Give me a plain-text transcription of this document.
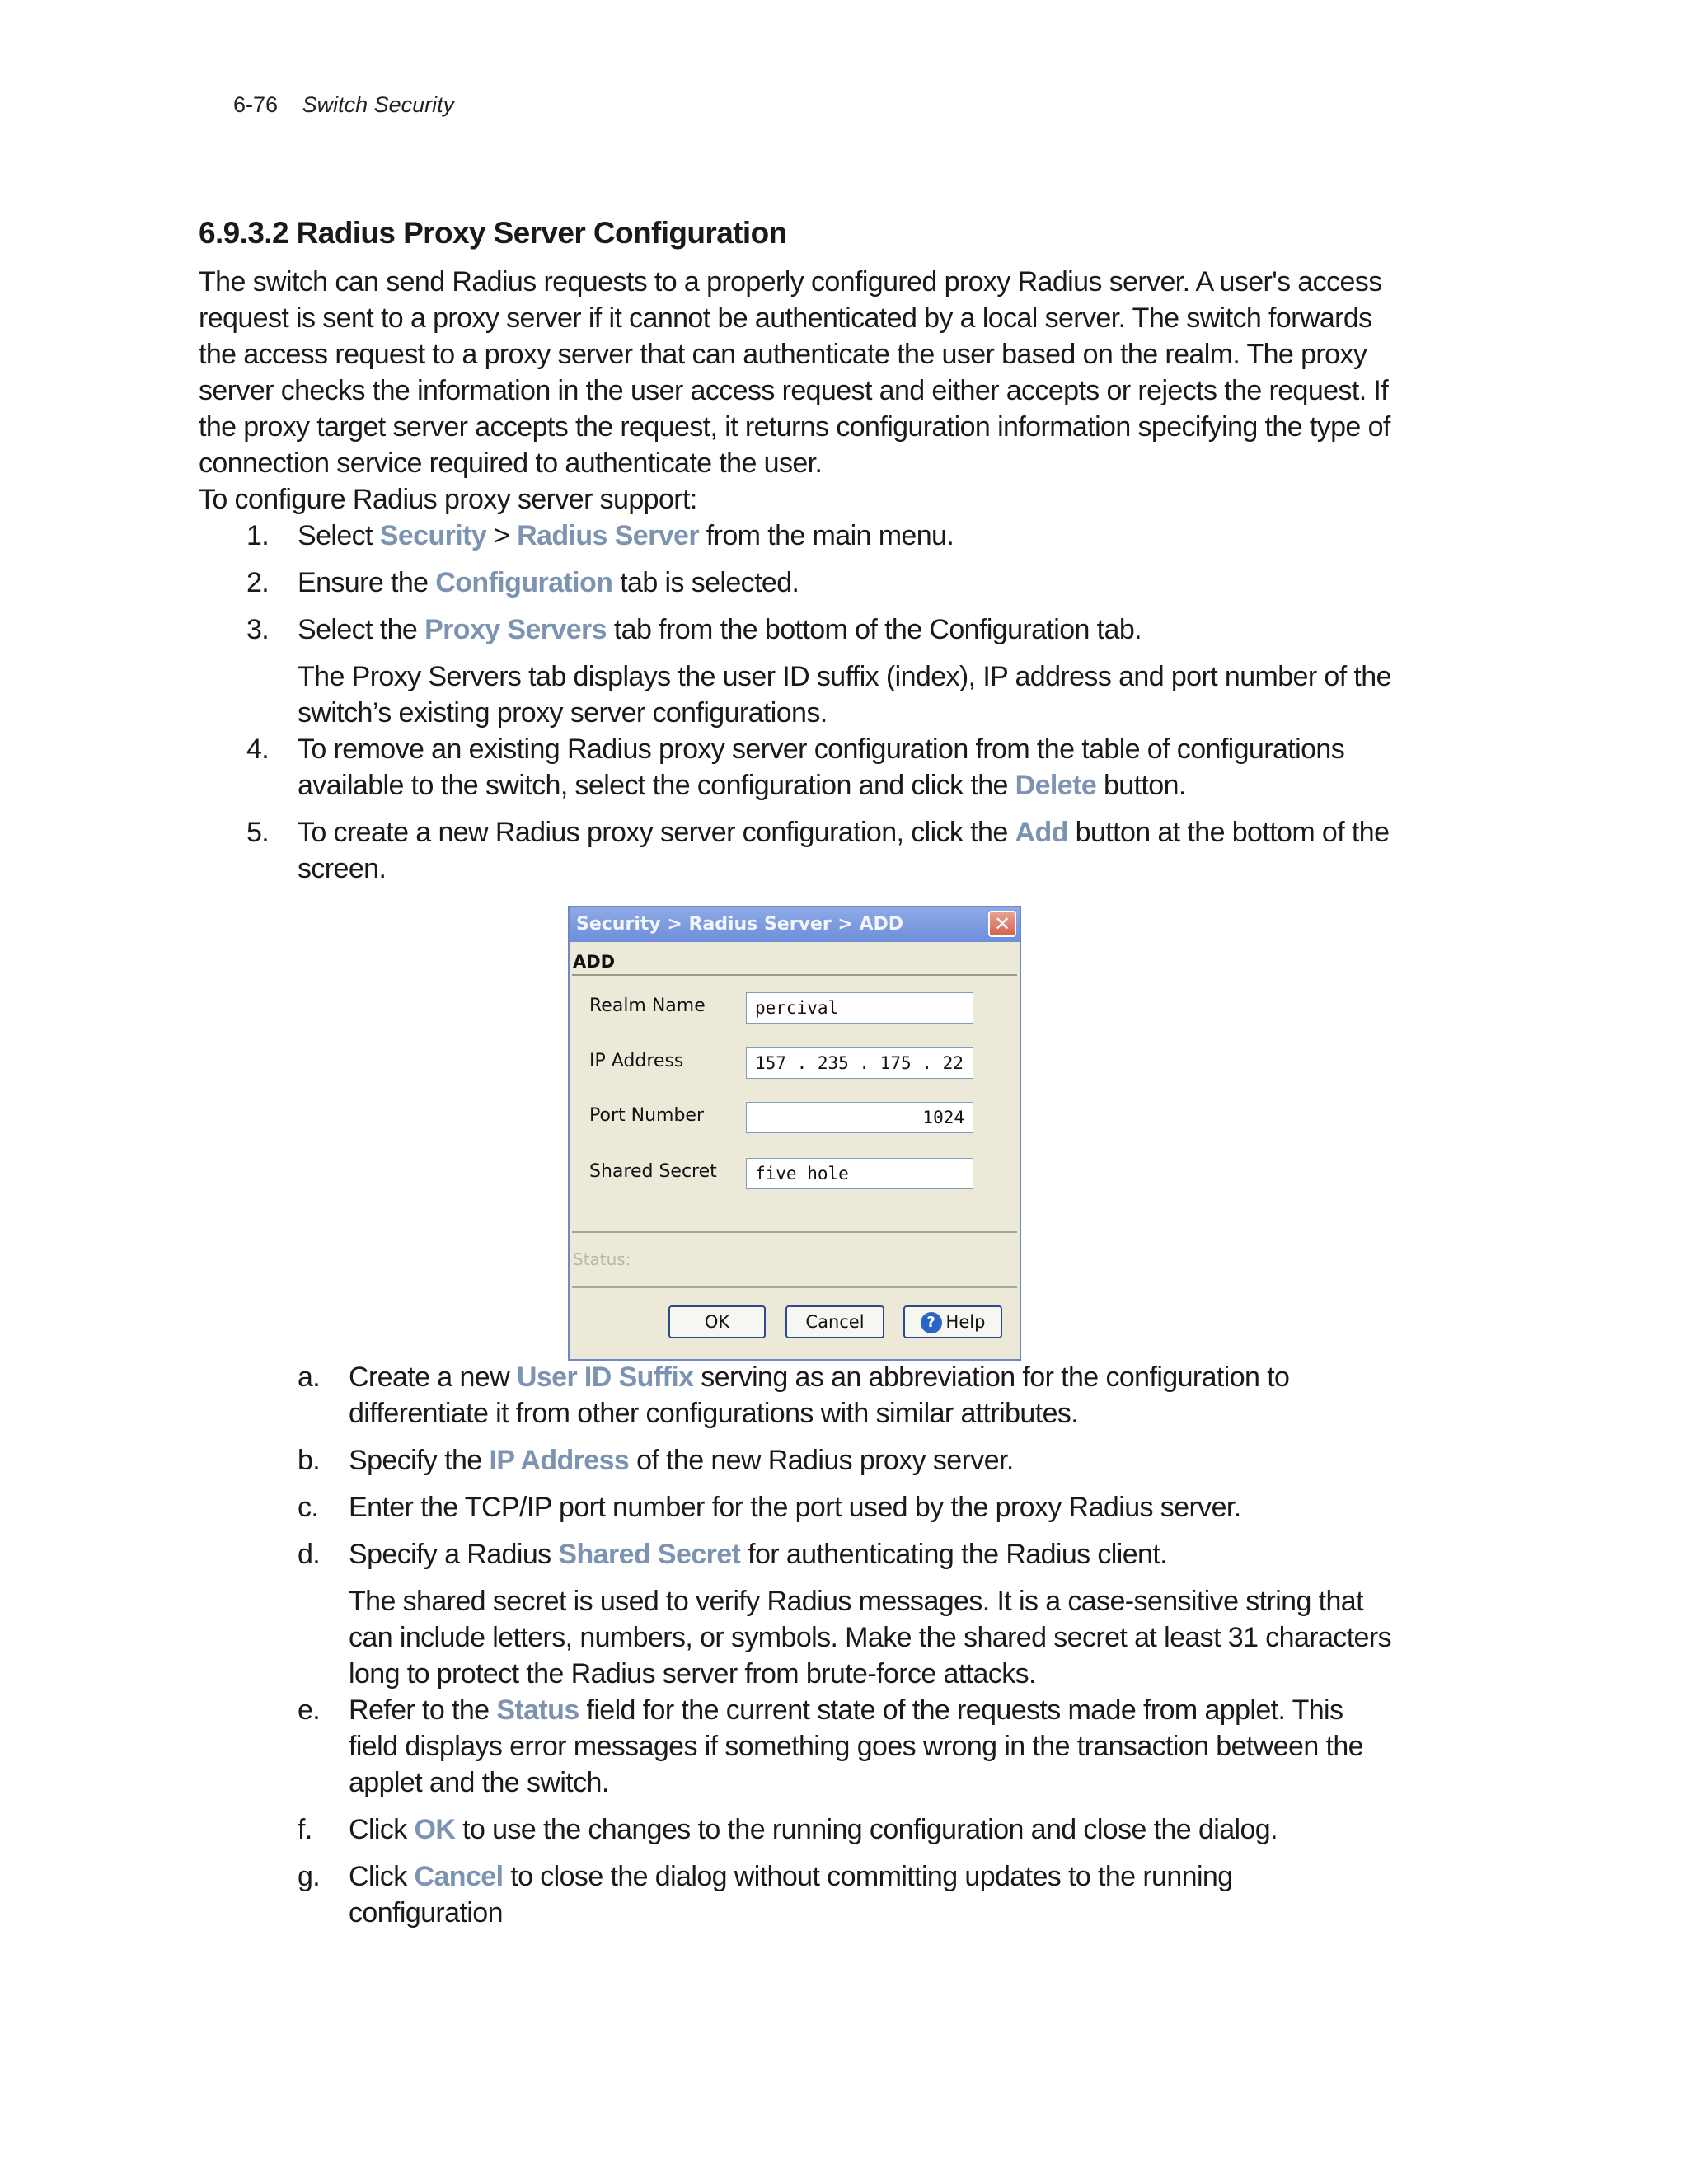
6-76 Switch Security
6.9.3.2 Radius Proxy Server Configuration

The switch can send Radius requests to a properly configured proxy Radius server. A user's access request is sent to a proxy server if it cannot be authenticated by a local server. The switch forwards the access request to a proxy server that can authenticate the user based on the realm. The proxy server checks the information in the user access request and either accepts or rejects the request. If the proxy target server accepts the request, it returns configuration information specifying the type of connection service required to authenticate the user.

To configure Radius proxy server support:

1. Select Security > Radius Server from the main menu.
2. Ensure the Configuration tab is selected.
3. Select the Proxy Servers tab from the bottom of the Configuration tab.

The Proxy Servers tab displays the user ID suffix (index), IP address and port number of the switch’s existing proxy server configurations.

4. To remove an existing Radius proxy server configuration from the table of configurations available to the switch, select the configuration and click the Delete button.
5. To create a new Radius proxy server configuration, click the Add button at the bottom of the screen.
a. Create a new User ID Suffix serving as an abbreviation for the configuration to differentiate it from other configurations with similar attributes.
b. Specify the IP Address of the new Radius proxy server.
c. Enter the TCP/IP port number for the port used by the proxy Radius server.
d. Specify a Radius Shared Secret for authenticating the Radius client.

The shared secret is used to verify Radius messages. It is a case-sensitive string that can include letters, numbers, or symbols. Make the shared secret at least 31 characters long to protect the Radius server from brute-force attacks.

e. Refer to the Status field for the current state of the requests made from applet. This field displays error messages if something goes wrong in the transaction between the applet and the switch.
f. Click OK to use the changes to the running configuration and close the dialog.
g. Click Cancel to close the dialog without committing updates to the running configuration
Security > Radius Server > ADD	✕
ADD
Realm Name	percival
IP Address	157 . 235 . 175 . 22
Port Number	1024
Shared Secret	five hole
Status:
OK	Cancel	? Help
